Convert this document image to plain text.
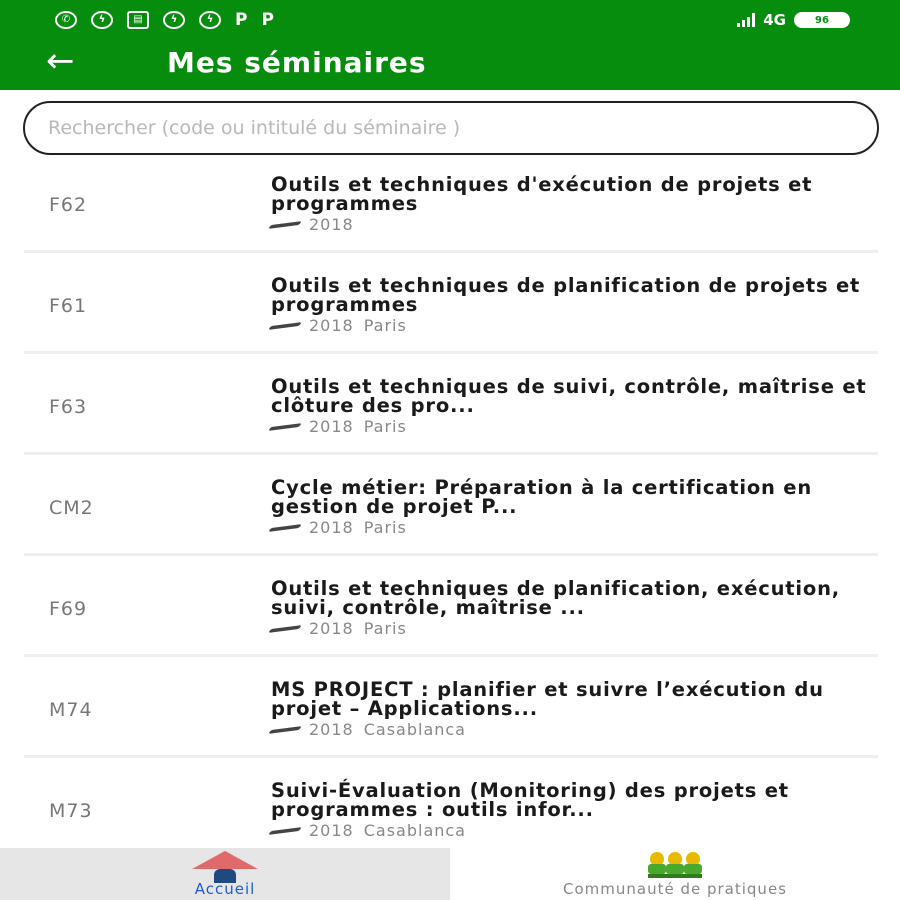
✆	ϟ	▤	ϟ	ϟ	P P	4G	96
←	Mes séminaires
Rechercher (code ou intitulé du séminaire )
F62
Outils et techniques d'exécution de projets et programmes
2018
F61
Outils et techniques de planification de projets et programmes
2018 Paris
F63
Outils et techniques de suivi, contrôle, maîtrise et clôture des pro...
2018 Paris
CM2
Cycle métier: Préparation à la certification en gestion de projet P...
2018 Paris
F69
Outils et techniques de planification, exécution, suivi, contrôle, maîtrise ...
2018 Paris
M74
MS PROJECT : planifier et suivre l’exécution du projet – Applications...
2018 Casablanca
M73
Suivi-Évaluation (Monitoring) des projets et programmes : outils infor...
2018 Casablanca
Accueil	Communauté de pratiques
